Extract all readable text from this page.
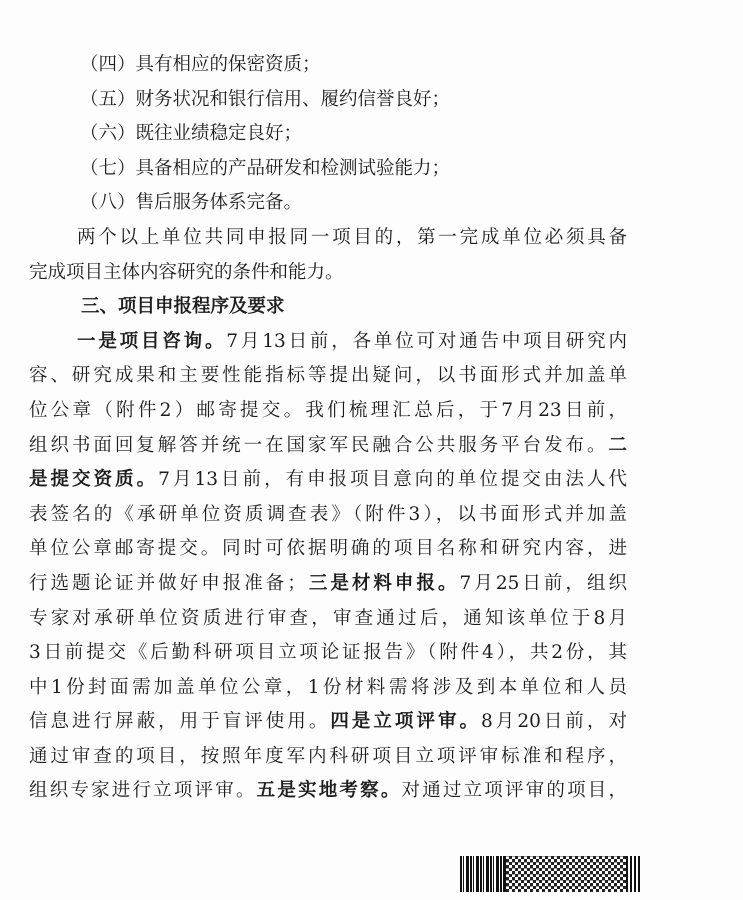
（四）具有相应的保密资质；
（五）财务状况和银行信用、履约信誉良好；
（六）既往业绩稳定良好；
（七）具备相应的产品研发和检测试验能力；
（八）售后服务体系完备。
两个以上单位共同申报同一项目的，第一完成单位必须具备
完成项目主体内容研究的条件和能力。
三、项目申报程序及要求
一是项目咨询。7月13日前，各单位可对通告中项目研究内
容、研究成果和主要性能指标等提出疑问，以书面形式并加盖单
位公章（附件2）邮寄提交。我们梳理汇总后，于7月23日前，
组织书面回复解答并统一在国家军民融合公共服务平台发布。二
是提交资质。7月13日前，有申报项目意向的单位提交由法人代
表签名的《承研单位资质调查表》（附件3），以书面形式并加盖
单位公章邮寄提交。同时可依据明确的项目名称和研究内容，进
行选题论证并做好申报准备；三是材料申报。7月25日前，组织
专家对承研单位资质进行审查，审查通过后，通知该单位于8月
3日前提交《后勤科研项目立项论证报告》（附件4），共2份，其
中1份封面需加盖单位公章，1份材料需将涉及到本单位和人员
信息进行屏蔽，用于盲评使用。四是立项评审。8月20日前，对
通过审查的项目，按照年度军内科研项目立项评审标准和程序，
组织专家进行立项评审。五是实地考察。对通过立项评审的项目，
